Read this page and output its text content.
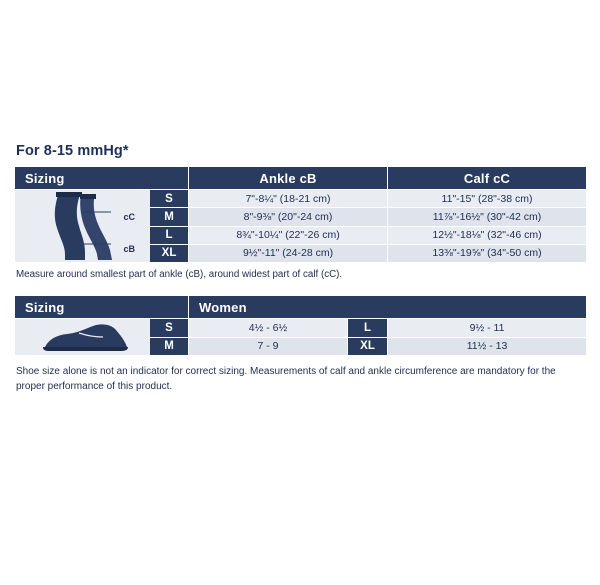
For 8-15 mmHg*
Sizing		Ankle cB	Calf cC

cC
cB	S	7"-8¼" (18-21 cm)	11"-15" (28"-38 cm)
	M	8"-9⅜" (20"-24 cm)	11⅞"-16½" (30"-42 cm)
	L	8¾"-10¼" (22"-26 cm)	12½"-18⅛" (32"-46 cm)
	XL	9½"-11" (24-28 cm)	13⅜"-19⅝" (34"-50 cm)
Measure around smallest part of ankle (cB), around widest part of calf (cC).
Sizing		Women		

	S	4½ - 6½	L	9½ - 11
	M	7 - 9	XL	11½ - 13
Shoe size alone is not an indicator for correct sizing. Measurements of calf and ankle circumference are mandatory for the proper performance of this product.
